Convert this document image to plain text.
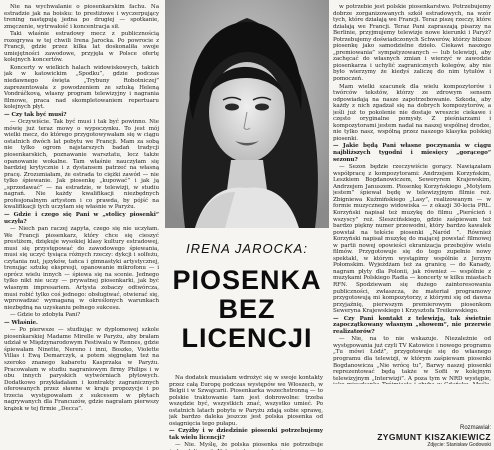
Nie na wychwalanie o piosenkarskim fachu. Na estradzie jak na boisku: to prestiżowe i wyczerpujący trening następują jedna po drugiej — spotkanie, zmęczenie, wytrwałość i koncentracja sił.

Taki właśnie estradowy mecz z publicznością rozegrywa w tej chwili Irena Jarocka. Po powrocie z Francji, gdzie przez kilka lat doskonaliła swoje umiejętności zawodowe, przyjęła w Polsce ofertę kolejnych koncertów.

Koncerty w wielkich halach widowiskowych, takich jak w katowickim „Spodku”, gdzie podczas niedawnego święta „Trybuny Robotniczej” zaprezentowała z powodzeniem ze sztuką Heleną Vondráčkovą, własny program telewizyjny i nagrania filmowe, praca nad skompletowaniem repertuaru kolejnych płyt.

— Czy tak być musi?

— Oczywiście. Tak być musi i tak być powinno. Nie mówię już teraz mowy o wypoczynku. To jest mój wielki mecz, do którego przygotowywałam się w ciągu ostatnich dwóch lat pobytu we Francji. Mam za sobą nie tylko ogrom najstarszych badań tradycji piosenkarskich, poznawanie warsztatu, lecz także opanowanie wokalne. Tam właśnie nauczyłam się bardziej krytycznie i z dystansem patrzeć na własną pracę. Zrozumiałam, że estrada to ciężki zawód — nie tylko śpiewanie. Jak piosenkę „kupować” i jak ją „sprzedawać” — na estradzie, w telewizji, w studiu nagrań. Nie każdy kwalifikacji niezbędnych profesjonalnym artystom i co prawda, by pójść na kwalifikacji tych uczyłam się właśnie w Paryżu.

— Gdzie i czego się Pani w „stolicy piosenki” uczyła?

— Niech pan raczej zapyta, czego się nie uczyłam. We Francji piosenkarz, który chce się cieszyć prestiżem, dziękuje wysokiej klasy kultury estradowej, musi się przystępować do zawodowego śpiewania, musi się uczyć tysiąca różnych rzeczy: dykcji i solfeżu, czytania nut, języków, tańca i gimnastyki artystycznej, trenując sztukę ekspresji, opanowanie mikrofonu — i oprócz wielu innych — śpiewa się na scenie. Jednego tylko nikt nie uczy — prywatnej piosenkarki, jak być własnym impresariem. Artysta zobaczy odtwórcza, musi robić tylko coś jednego: obsługiwać, otwierać się, wprowadzać wymaganą w określonych warunkach niezbędną na uzyskaniu pełnego sukcesu.

— Gdzie to zdobyła Pani?

— Właśnie.

— Po pierwsze — studiując w dyplomowej szkole piosenkarskiej Madame Mirelle w Paryżu, aby brałam udział w Międzynarodowym Festiwalu w Rennes, gdzie śpiewałam Ninette, Nereno i inni, Boszko, Violette Villas i Ewą Demarczyk, a potem sięgnęłam też na szeroko znanego kabaretu Kasprzaka w Paryżu. Pracowałam w studiu nagraniowym firmy Philips i w obu innych paryskich wytwórniach płytowych. Dodatkowo przykładałam i kontrakty zagranicznych oferowanych przez sławne w kraju propozycje i po trzecia występowałam z sukcesem w płytach nagrywanych dla Francuzów, gdzie nagrałam pierwszy krążek w tej firmie „Decca”.

IRENA JAROCKA:
PIOSENKA
BEZ
LICENCJI

Na dodatek musiałam wdrożyć się w swoje kontakty przez całą Europę podczas występów we Włoszech, w Belgii i w Szwajcarii. Piosenkarka wszechstronną — to polskie traktowanie tam jest dobrowolne: trzeba wszędzie być, wszystkich znać, wszystko umieć. Po ostatnich latach pobytu w Paryżu zdają sobie sprawę, jak bardzo daleka jeszcze jest polska piosenka od osiągnięcia tego pułapu.

— Czyżby i w dziedzinie piosenki potrzebujemy tak wielu licencji?

— Nie. Myślę, że polska piosenka nie potrzebuje

w potrzebie jest polskie piosenkarstwo. Potrzebujemy dobrze zorganizowanych szkół estradowych, na wzór tych, które działają we Francji. Teraz piszę rzeczy, które działają we Francji. Teraz Pani zapraszają pisarzy na Berlinie, przyjmujemy telewizje nowe kierunki i Paryż? Potrzebujemy doświadczonych Schwerów, którzy bliższe piosenkę jako samodzielne dzieło. Ciekawi naszego „premiowania” sympatyzowanych — lub telewizji, aby zachęcać do własnych zmian i wierzyć w zawodzie piosenkarza i uchylić zagranicznych kolegów, aby nie było wierzymy że kiedyś zaliczę do nim tytułów i pomoczeń.

Mam wielki szacunek dla wielu kompozytorów i twórców tekstów, którzy ze zdrowym sensem odpowiadają na nasze zapotrzebowanie. Szkoda, aby każdy z nich zgadzał się na dobrych kompozytorów, a jeśli już to pokolenie nie dostaje wreszcie ciekawe i często oryginalne pomysły. Z pieśniarzami i kompozytorami jestem nadal na naszej wspólnej drodze, nie tylko nasz, wspólną przez naszego klasyka polskiej piosenki.

— Jakie będą Pani własne poczynania w ciągu najbliższych tygodni i miesięcy „gorącego” sezonu?

— Sezon będzie rzeczywiście gorący. Nawiązałam współpracę z kompozytorami: Andrzejem Korzyńskim, Leszkiem Bogdanowiczem, Seweryrem Krajewskim, Andrzejem Januszem. Piosenkę Korzyńskiego „Motylem jestem” śpiewał będę w telewizyjnym filmie reż. Zbigniewa Kuźmińskiego „Lasy”, realizowanym — w formie muzycznego widowiska — z okazji 30-lecia PRL. Korzyński napisał też muzykę do filmu „Pierścień i wszyscy” reż. Śleszcińskiego, gdzie zaśpiewam też bardzo piękny numer przewodni, który bardzo kawałek powstał na tekście piosenki „Naród ”. Również Korzyński napisał muzykę do mającej powstać filmowej w partii nowej opowieści ekranizacja przebojów wielu filmów. Przygotowuje się do tego zupełnie nowy spektakl, w którym wystąpimy wspólnie z Jerzym Połomskim. Wyjeżdżam też za granicę — do Kanady, nagram płyty dla Polonii, jak również — wspólnie z muzykami Polskiego Radia — koncerty w kilku miastach RFN. Spodziewam się dużego zainteresowania publiczności, zwłaszcza, że materiał programowy przygotowują mi kompozytorzy, z którymi się od dawna przyjaźnię, pierwszym premierowym piosenkom Seweryna Krajewskiego i Krzysztofa Treikowskiego.

— Czy Pani kontakt z telewizją, tak świetnie zapoczątkowany własnym „showem”, nie przerwie realizatorów?

— Nie, na to nie wskazuje. Niezależnie od występowania już czyli TV Katowice i nowego programu „Tu mówi Łódź”, przygotowuje się do własnego programu dla telewizji, w którym zaśpiewam piosenki Bogdanowicza „Nie wrócę tu”, Barwy naszej piosenki reprezentować będą także w Sofii w kolejnym telewizyjnym „Interwizji”. A poza tym w NRD występie,

Rozmawiał:
ZYGMUNT KISZAKIEWICZ
Zdjęcie: Stanisław Godowski
